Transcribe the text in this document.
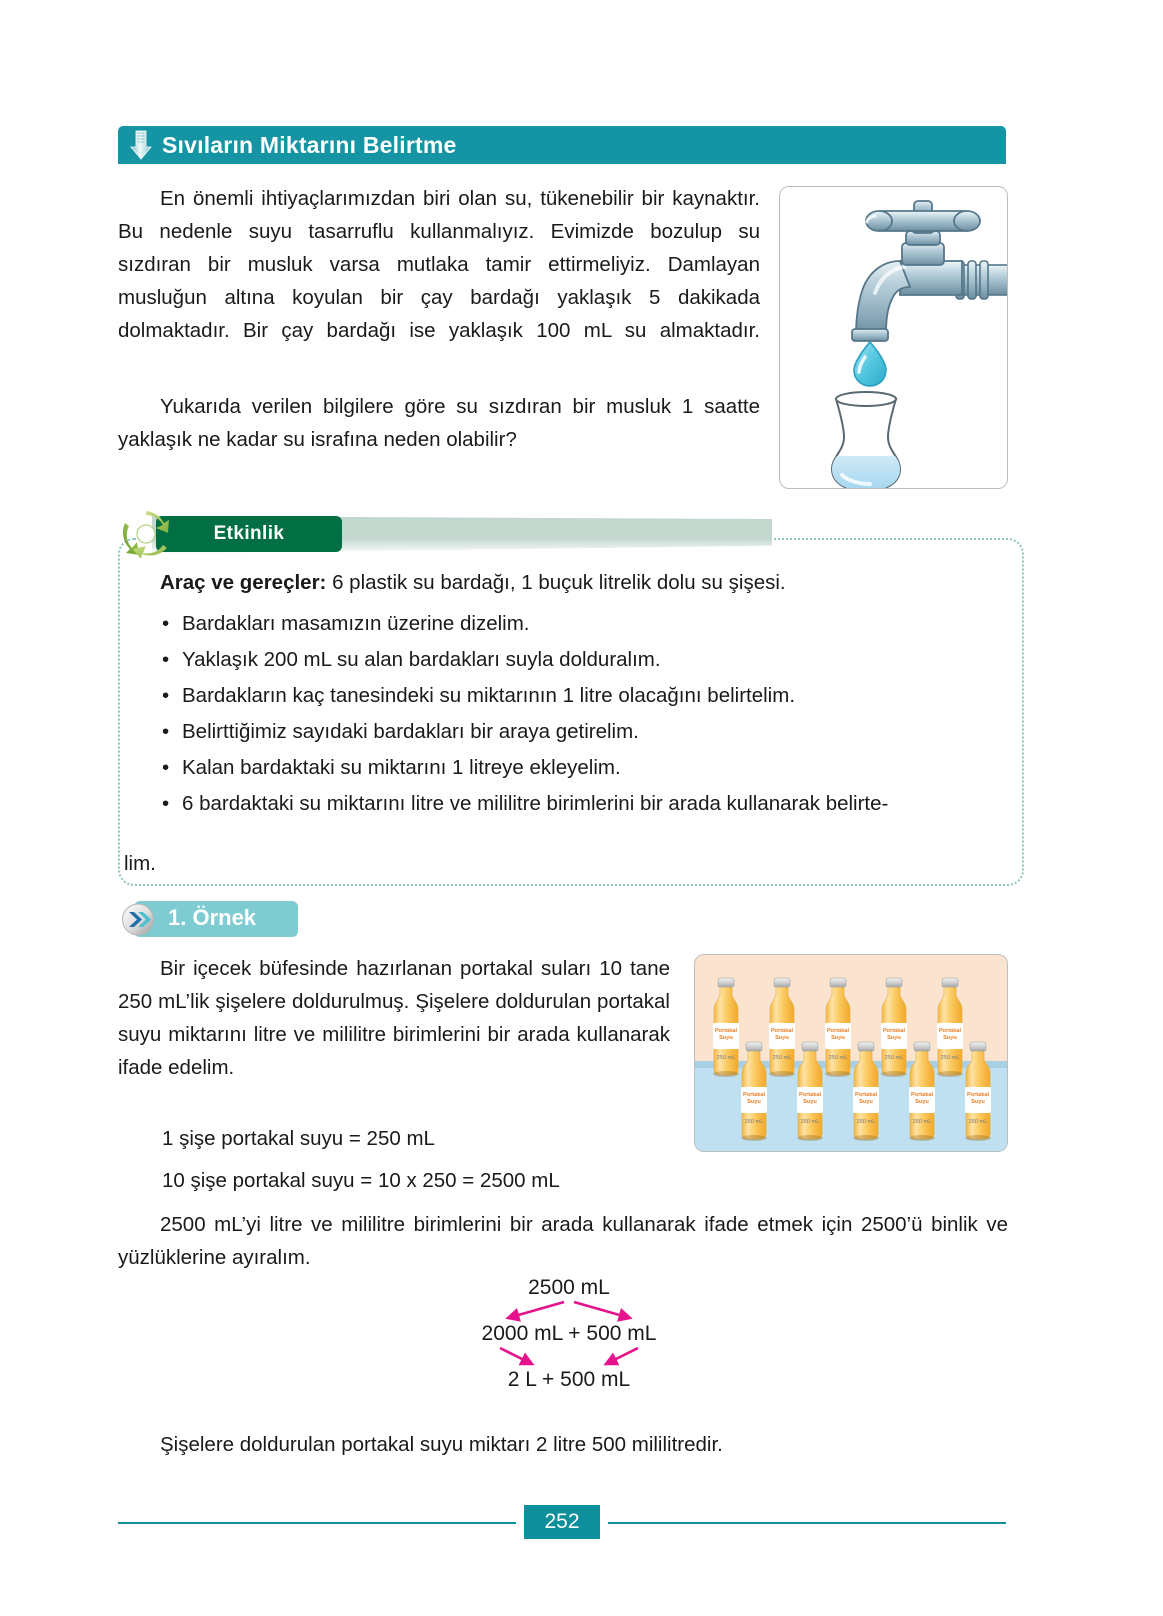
Sıvıların Miktarını Belirtme

En önemli ihtiyaçlarımızdan biri olan su, tükenebilir bir kaynaktır. Bu nedenle suyu tasarruflu kullanmalıyız. Evimizde bozulup su sızdıran bir musluk varsa mutlaka tamir ettirmeliyiz. Damlayan musluğun altına koyulan bir çay bardağı yaklaşık 5 dakikada dolmaktadır. Bir çay bardağı ise yaklaşık 100 mL su almaktadır.

Yukarıda verilen bilgilere göre su sızdıran bir musluk 1 saatte yaklaşık ne kadar su israfına neden olabilir?

Etkinlik

Araç ve gereçler: 6 plastik su bardağı, 1 buçuk litrelik dolu su şişesi.

• Bardakları masamızın üzerine dizelim.
• Yaklaşık 200 mL su alan bardakları suyla dolduralım.
• Bardakların kaç tanesindeki su miktarının 1 litre olacağını belirtelim.
• Belirttiğimiz sayıdaki bardakları bir araya getirelim.
• Kalan bardaktaki su miktarını 1 litreye ekleyelim.
• 6 bardaktaki su miktarını litre ve mililitre birimlerini bir arada kullanarak belirte-
lim.
1. Örnek

Bir içecek büfesinde hazırlanan portakal suları 10 tane 250 mL’lik şişelere doldurulmuş. Şişelere doldurulan portakal suyu miktarını litre ve mililitre birimlerini bir arada kullanarak ifade edelim.

Portakal
Suyu
250 mL
Portakal
Suyu
250 mL
Portakal
Suyu
250 mL
Portakal
Suyu
250 mL
Portakal
Suyu
250 mL
Portakal
Suyu
250 mL
Portakal
Suyu
250 mL
Portakal
Suyu
250 mL
Portakal
Suyu
250 mL
Portakal
Suyu
250 mL
1 şişe portakal suyu = 250 mL
10 şişe portakal suyu = 10 x 250 = 2500 mL

2500 mL’yi litre ve mililitre birimlerini bir arada kullanarak ifade etmek için 2500’ü binlik ve yüzlüklerine ayıralım.

2500 mL
2000 mL + 500 mL
2 L + 500 mL
Şişelere doldurulan portakal suyu miktarı 2 litre 500 mililitredir.
252
